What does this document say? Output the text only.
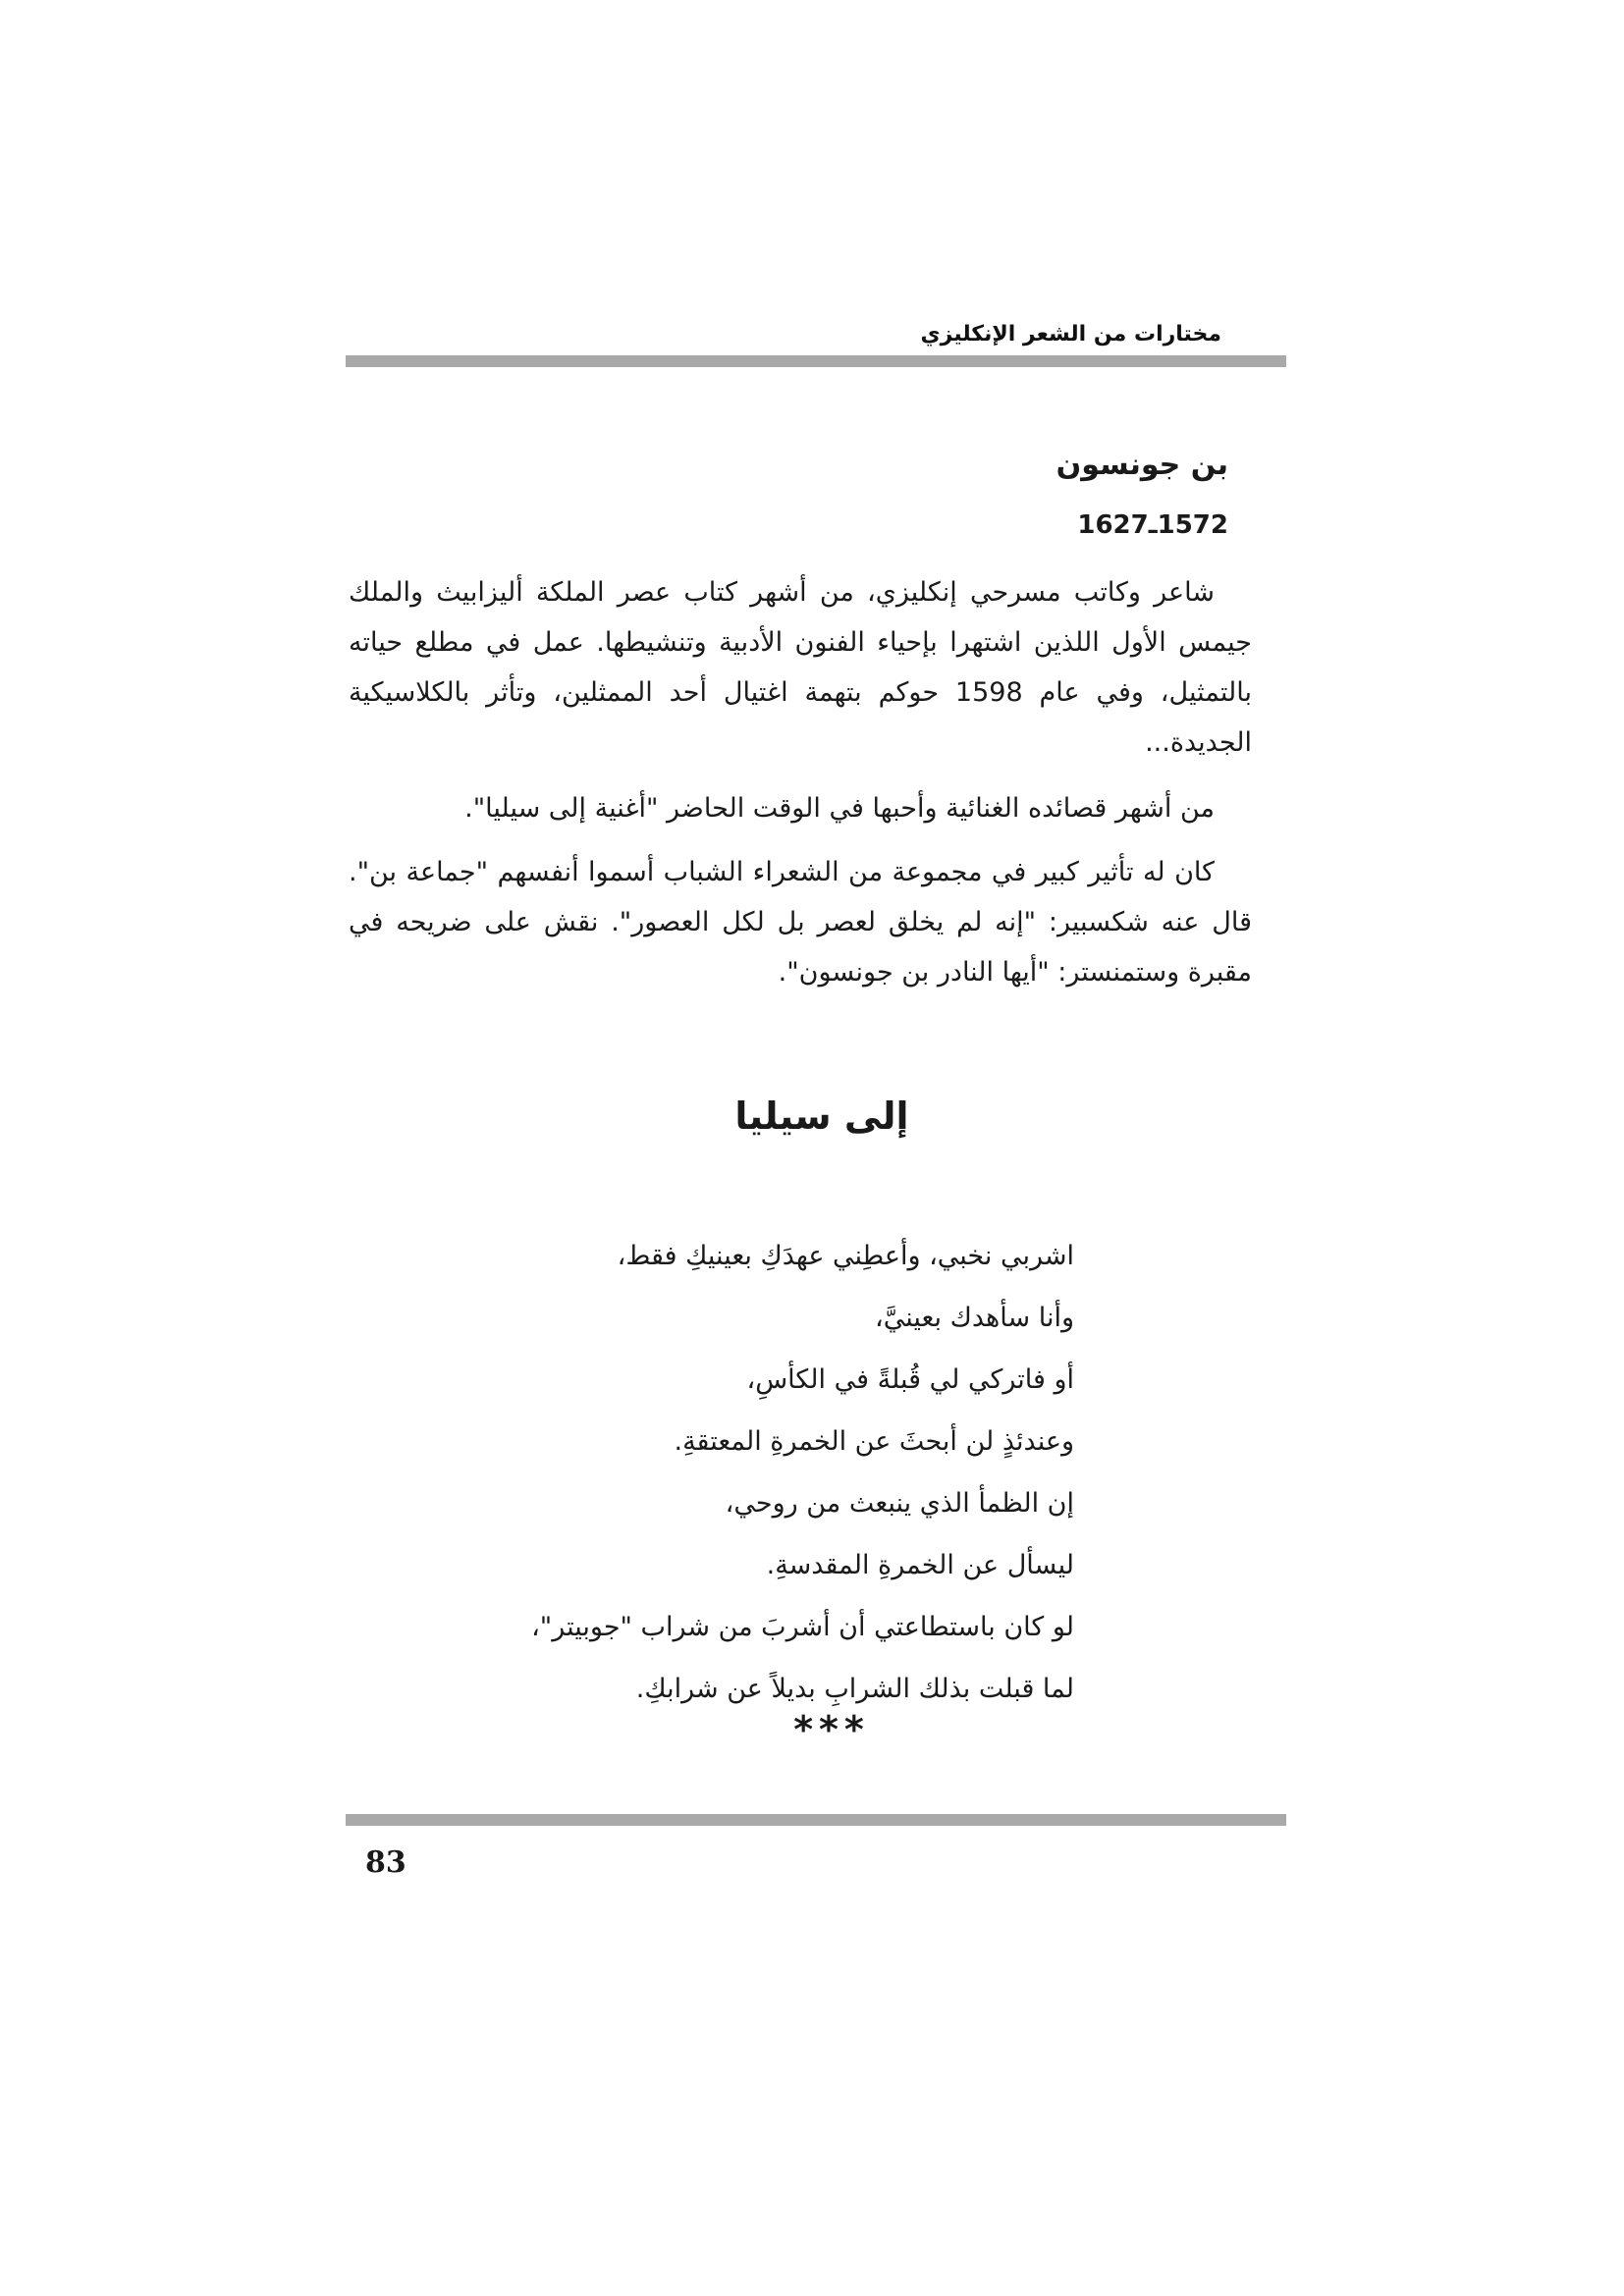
مختارات من الشعر الإنكليزي
بن جونسون
1572ـ1627

شاعر وكاتب مسرحي إنكليزي، من أشهر كتاب عصر الملكة أليزابيث والملك جيمس الأول اللذين اشتهرا بإحياء الفنون الأدبية وتنشيطها. عمل في مطلع حياته بالتمثيل، وفي عام 1598 حوكم بتهمة اغتيال أحد الممثلين، وتأثر بالكلاسيكية الجديدة...

من أشهر قصائده الغنائية وأحبها في الوقت الحاضر "أغنية إلى سيليا".

كان له تأثير كبير في مجموعة من الشعراء الشباب أسموا أنفسهم "جماعة بن". قال عنه شكسبير: "إنه لم يخلق لعصر بل لكل العصور". نقش على ضريحه في مقبرة وستمنستر: "أيها النادر بن جونسون".

إلى سيليا
اشربي نخبي، وأعطِني عهدَكِ بعينيكِ فقط،
وأنا سأهدك بعينيَّ،
أو فاتركي لي قُبلةً في الكأسِ،
وعندئذٍ لن أبحثَ عن الخمرةِ المعتقةِ.
إن الظمأ الذي ينبعث من روحي،
ليسأل عن الخمرةِ المقدسةِ.
لو كان باستطاعتي أن أشربَ من شراب "جوبيتر"،
لما قبلت بذلك الشرابِ بديلاً عن شرابكِ.
***
83
